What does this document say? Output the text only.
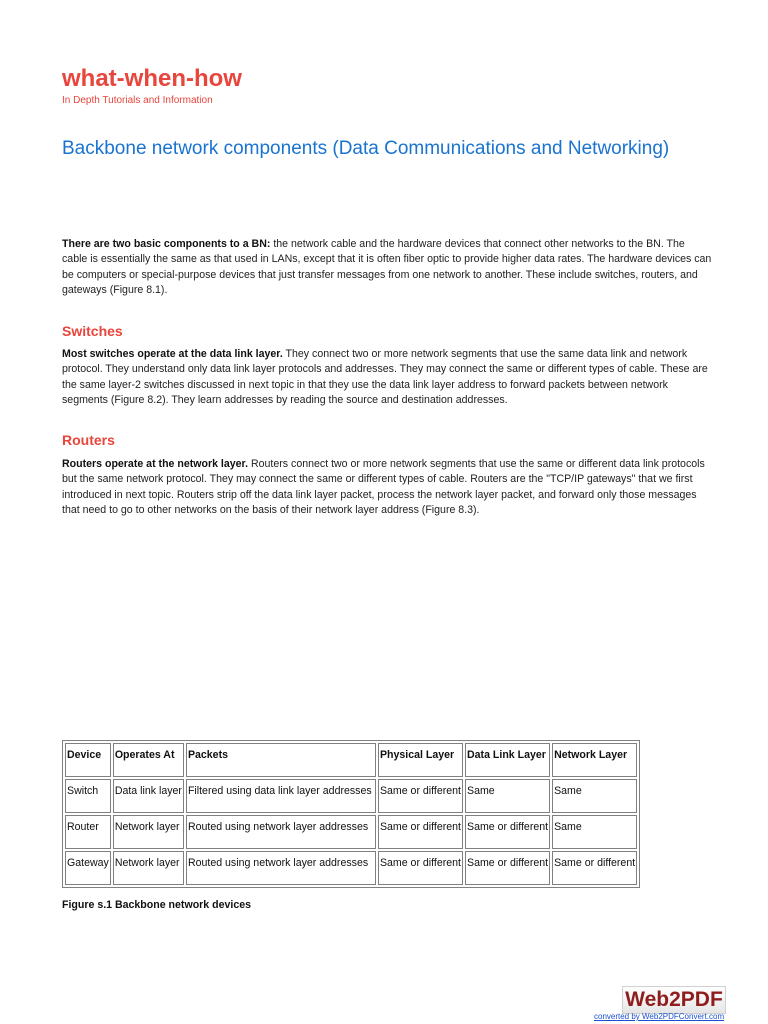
what-when-how

In Depth Tutorials and Information

Backbone network components (Data Communications and Networking)

There are two basic components to a BN: the network cable and the hardware devices that connect other networks to the BN. The cable is essentially the same as that used in LANs, except that it is often fiber optic to provide higher data rates. The hardware devices can be computers or special-purpose devices that just transfer messages from one network to another. These include switches, routers, and gateways (Figure 8.1).

Switches

Most switches operate at the data link layer. They connect two or more network segments that use the same data link and network protocol. They understand only data link layer protocols and addresses. They may connect the same or different types of cable. These are the same layer-2 switches discussed in next topic in that they use the data link layer address to forward packets between network segments (Figure 8.2). They learn addresses by reading the source and destination addresses.

Routers

Routers operate at the network layer. Routers connect two or more network segments that use the same or different data link protocols but the same network protocol. They may connect the same or different types of cable. Routers are the "TCP/IP gateways" that we first introduced in next topic. Routers strip off the data link layer packet, process the network layer packet, and forward only those messages that need to go to other networks on the basis of their network layer address (Figure 8.3).

Device	Operates At	Packets	Physical Layer	Data Link Layer	Network Layer
Switch	Data link layer	Filtered using data link layer addresses	Same or different	Same	Same
Router	Network layer	Routed using network layer addresses	Same or different	Same or different	Same
Gateway	Network layer	Routed using network layer addresses	Same or different	Same or different	Same or different

Figure s.1 Backbone network devices

Web2PDF
converted by Web2PDFConvert.com
